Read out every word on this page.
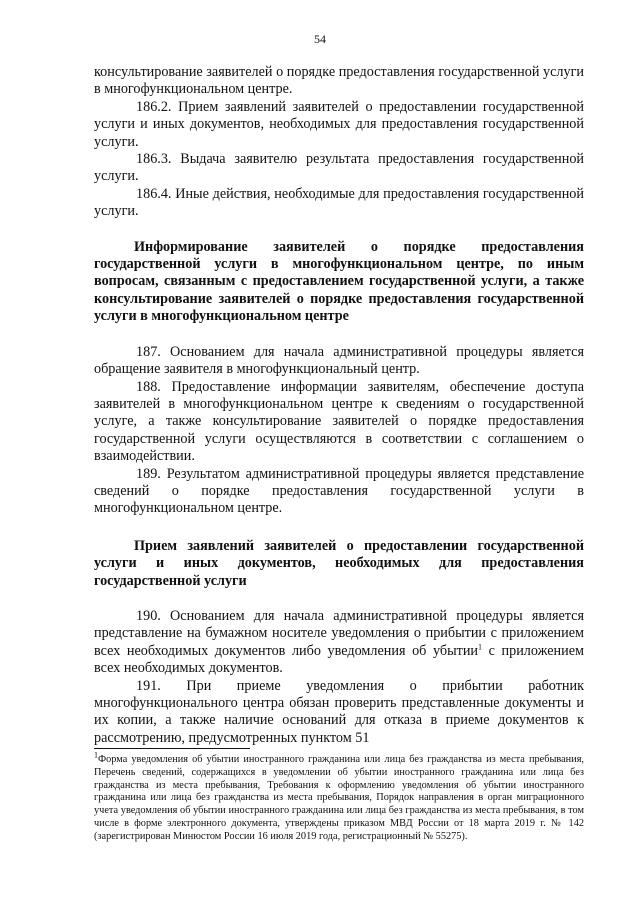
54

консультирование заявителей о порядке предоставления государственной услуги в многофункциональном центре.

186.2. Прием заявлений заявителей о предоставлении государственной услуги и иных документов, необходимых для предоставления государственной услуги.

186.3. Выдача заявителю результата предоставления государственной услуги.

186.4. Иные действия, необходимые для предоставления государственной услуги.

Информирование заявителей о порядке предоставления государственной услуги в многофункциональном центре, по иным вопросам, связанным с предоставлением государственной услуги, а также консультирование заявителей о порядке предоставления государственной услуги в многофункциональном центре

187. Основанием для начала административной процедуры является обращение заявителя в многофункциональный центр.

188. Предоставление информации заявителям, обеспечение доступа заявителей в многофункциональном центре к сведениям о государственной услуге, а также консультирование заявителей о порядке предоставления государственной услуги осуществляются в соответствии с соглашением о взаимодействии.

189. Результатом административной процедуры является представление сведений о порядке предоставления государственной услуги в многофункциональном центре.

Прием заявлений заявителей о предоставлении государственной услуги и иных документов, необходимых для предоставления государственной услуги

190. Основанием для начала административной процедуры является представление на бумажном носителе уведомления о прибытии с приложением всех необходимых документов либо уведомления об убытии$^1$ с приложением всех необходимых документов.

191. При приеме уведомления о прибытии работник многофункционального центра обязан проверить представленные документы и их копии, а также наличие оснований для отказа в приеме документов к рассмотрению, предусмотренных пунктом 51

$^1$Форма уведомления об убытии иностранного гражданина или лица без гражданства из места пребывания, Перечень сведений, содержащихся в уведомлении об убытии иностранного гражданина или лица без гражданства из места пребывания, Требования к оформлению уведомления об убытии иностранного гражданина или лица без гражданства из места пребывания, Порядок направления в орган миграционного учета уведомления об убытии иностранного гражданина или лица без гражданства из места пребывания, в том числе в форме электронного документа, утверждены приказом МВД России от 18 марта 2019 г. № 142 (зарегистрирован Минюстом России 16 июля 2019 года, регистрационный № 55275).
